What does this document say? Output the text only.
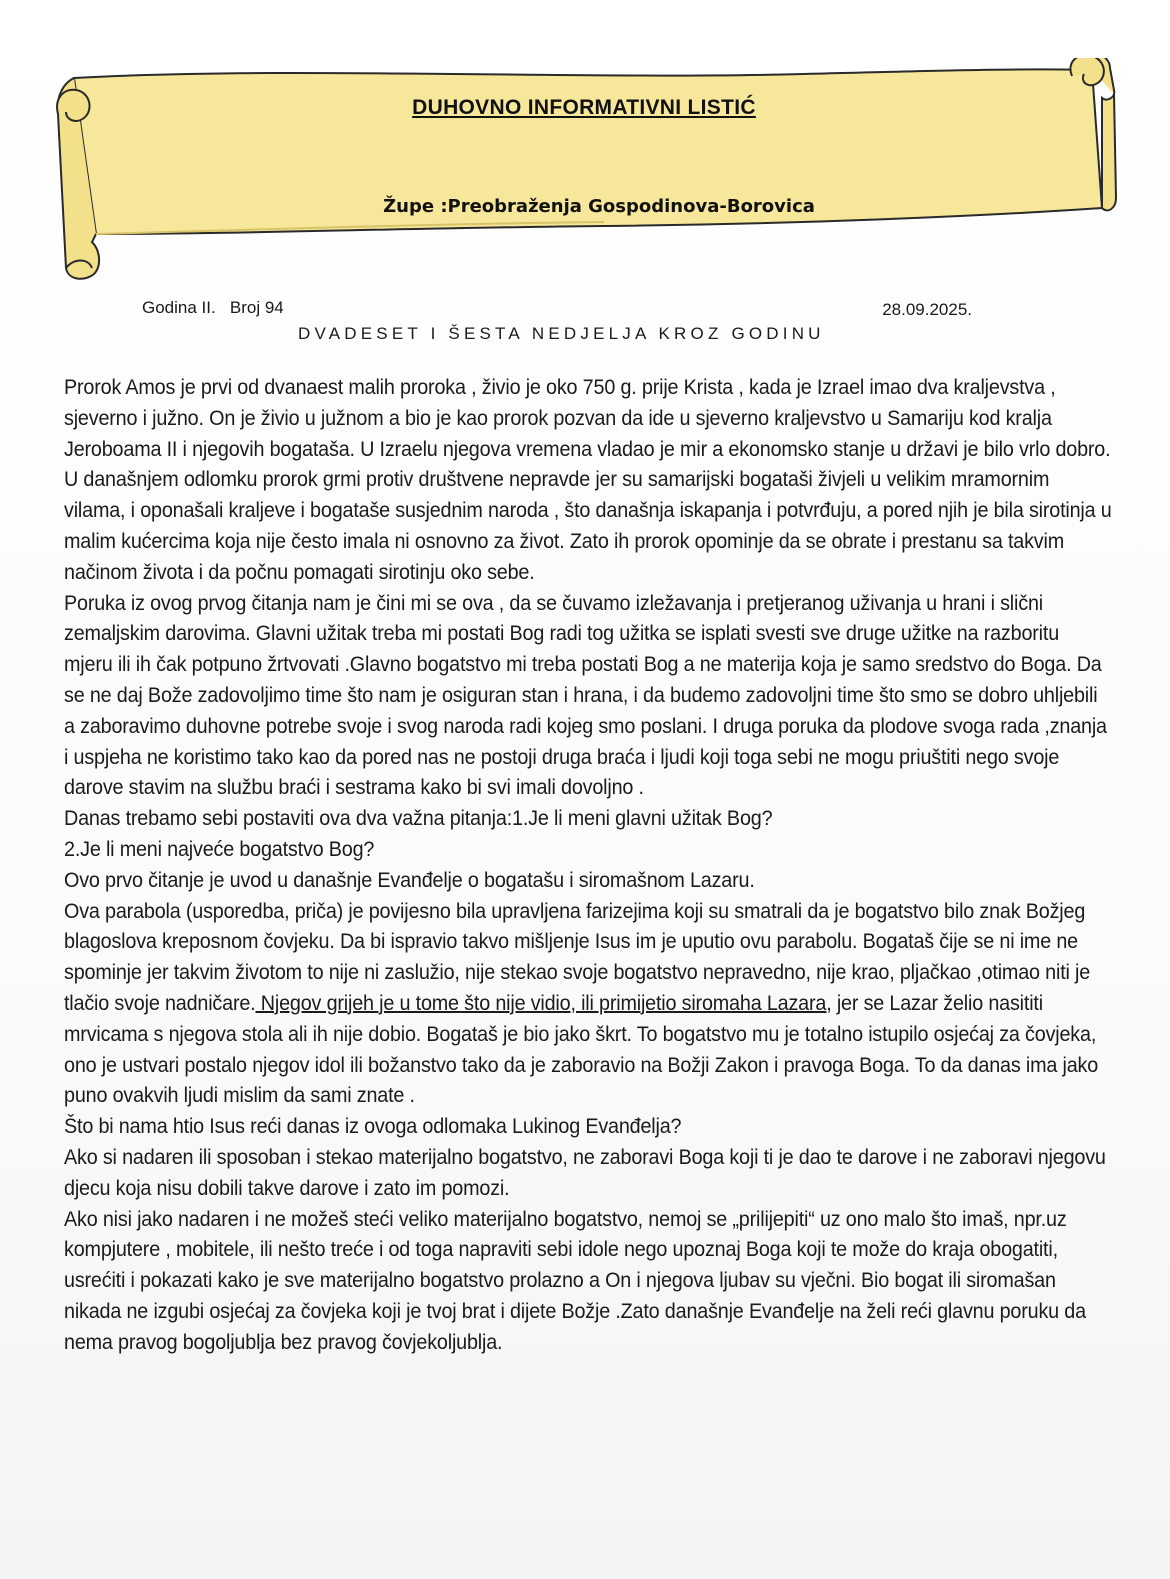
DUHOVNO INFORMATIVNI LISTIĆ
Župe :Preobraženja Gospodinova-Borovica
Godina II.   Broj 94	28.09.2025.

DVADESET I ŠESTA NEDJELJA KROZ GODINU

Prorok Amos je prvi od dvanaest malih proroka , živio je oko 750 g. prije Krista , kada je Izrael imao dva kraljevstva , sjeverno i južno. On je živio u južnom a bio je kao prorok pozvan da ide u sjeverno kraljevstvo u Samariju kod kralja Jeroboama II i njegovih bogataša. U Izraelu njegova vremena vladao je mir a ekonomsko stanje u državi je bilo vrlo dobro. U današnjem odlomku prorok grmi protiv društvene nepravde jer su samarijski bogataši živjeli u velikim mramornim vilama, i oponašali kraljeve i bogataše susjednim naroda , što današnja iskapanja i potvrđuju, a pored njih je bila sirotinja u malim kućercima koja nije često imala ni osnovno za život. Zato ih prorok opominje da se obrate i prestanu sa takvim načinom života i da počnu pomagati sirotinju oko sebe.

Poruka iz ovog prvog čitanja nam je čini mi se ova , da se čuvamo izležavanja i pretjeranog uživanja u hrani i slični zemaljskim darovima. Glavni užitak treba mi postati Bog radi tog užitka se isplati svesti sve druge užitke na razboritu mjeru ili ih čak potpuno žrtvovati .Glavno bogatstvo mi treba postati Bog a ne materija koja je samo sredstvo do Boga. Da se ne daj Bože zadovoljimo time što nam je osiguran stan i hrana, i da budemo zadovoljni time što smo se dobro uhljebili a zaboravimo duhovne potrebe svoje i svog naroda radi kojeg smo poslani. I druga poruka da plodove svoga rada ,znanja i uspjeha ne koristimo tako kao da pored nas ne postoji druga braća i ljudi koji toga sebi ne mogu priuštiti nego svoje darove stavim na službu braći i sestrama kako bi svi imali dovoljno .

Danas trebamo sebi postaviti ova dva važna pitanja:1.Je li meni glavni užitak Bog?

2.Je li meni najveće bogatstvo Bog?

Ovo prvo čitanje je uvod u današnje Evanđelje o bogatašu i siromašnom Lazaru.

Ova parabola (usporedba, priča) je povijesno bila upravljena farizejima koji su smatrali da je bogatstvo bilo znak Božjeg blagoslova kreposnom čovjeku. Da bi ispravio takvo mišljenje Isus im je uputio ovu parabolu. Bogataš čije se ni ime ne spominje jer takvim životom to nije ni zaslužio, nije stekao svoje bogatstvo nepravedno, nije krao, pljačkao ,otimao niti je tlačio svoje nadničare. Njegov grijeh je u tome što nije vidio, ili primijetio siromaha Lazara, jer se Lazar želio nasititi mrvicama s njegova stola ali ih nije dobio. Bogataš je bio jako škrt. To bogatstvo mu je totalno istupilo osjećaj za čovjeka, ono je ustvari postalo njegov idol ili božanstvo tako da je zaboravio na Božji Zakon i pravoga Boga. To da danas ima jako puno ovakvih ljudi mislim da sami znate .

Što bi nama htio Isus reći danas iz ovoga odlomaka Lukinog Evanđelja?

Ako si nadaren ili sposoban i stekao materijalno bogatstvo, ne zaboravi Boga koji ti je dao te darove i ne zaboravi njegovu djecu koja nisu dobili takve darove i zato im pomozi.

Ako nisi jako nadaren i ne možeš steći veliko materijalno bogatstvo, nemoj se „prilijepiti“ uz ono malo što imaš, npr.uz kompjutere , mobitele, ili nešto treće i od toga napraviti sebi idole nego upoznaj Boga koji te može do kraja obogatiti, usrećiti i pokazati kako je sve materijalno bogatstvo prolazno a On i njegova ljubav su vječni. Bio bogat ili siromašan nikada ne izgubi osjećaj za čovjeka koji je tvoj brat i dijete Božje .Zato današnje Evanđelje na želi reći glavnu poruku da nema pravog bogoljublja bez pravog čovjekoljublja.
